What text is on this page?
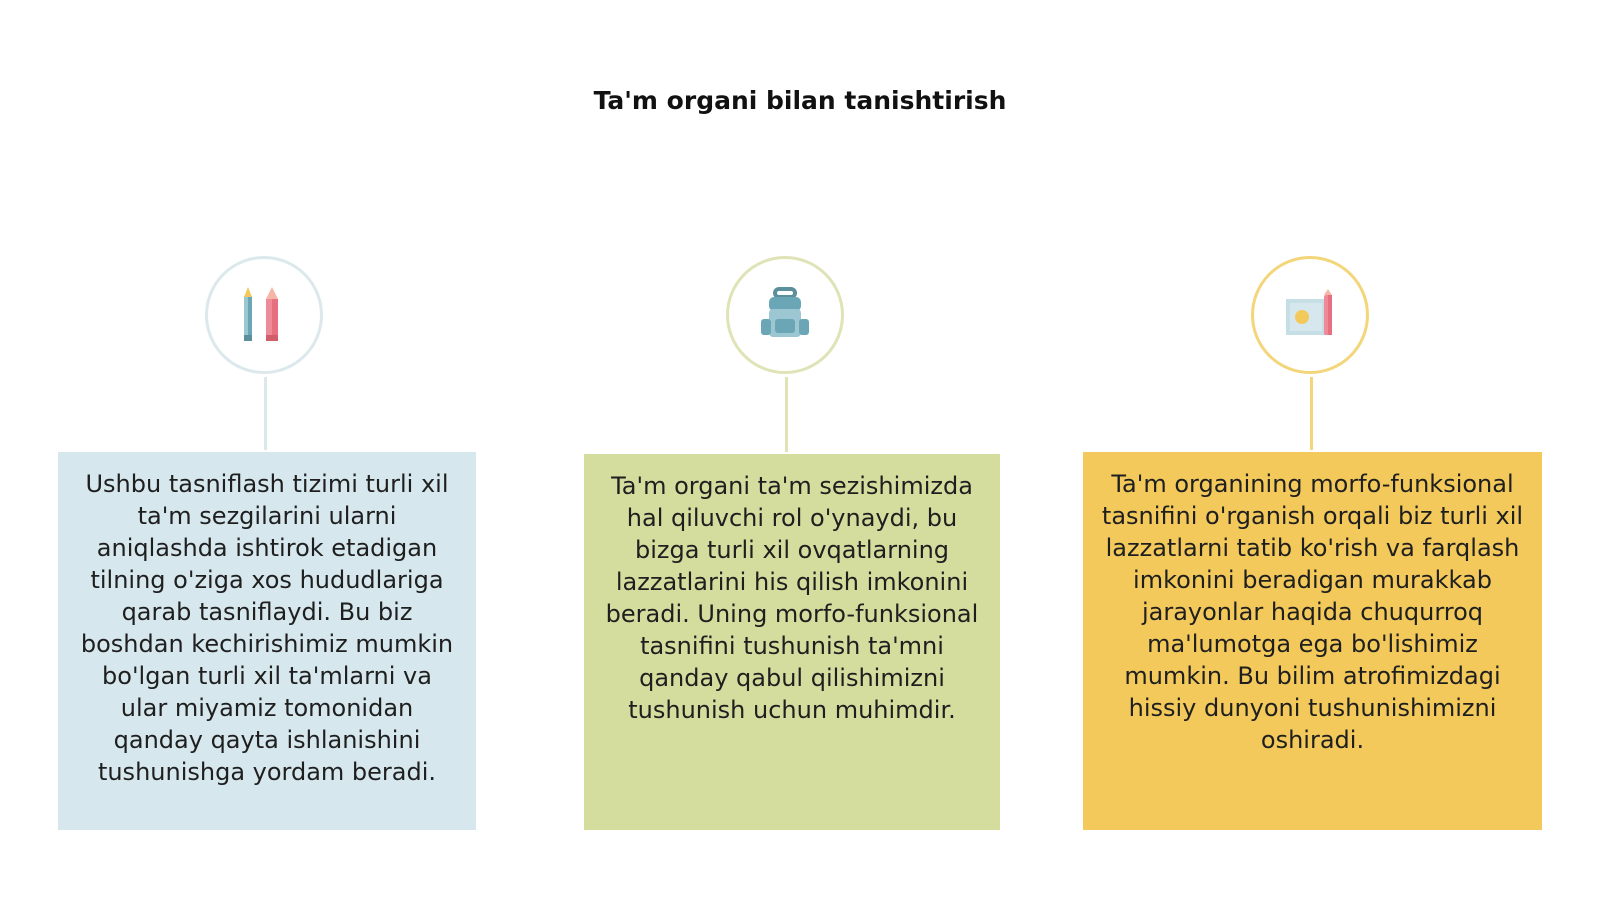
Ta'm organi bilan tanishtirish
Ushbu tasniflash tizimi turli xil ta'm sezgilarini ularni aniqlashda ishtirok etadigan tilning o'ziga xos hududlariga qarab tasniflaydi. Bu biz boshdan kechirishimiz mumkin bo'lgan turli xil ta'mlarni va ular miyamiz tomonidan qanday qayta ishlanishini tushunishga yordam beradi.
Ta'm organi ta'm sezishimizda hal qiluvchi rol o'ynaydi, bu bizga turli xil ovqatlarning lazzatlarini his qilish imkonini beradi. Uning morfo-funksional tasnifini tushunish ta'mni qanday qabul qilishimizni tushunish uchun muhimdir.
Ta'm organining morfo-funksional tasnifini o'rganish orqali biz turli xil lazzatlarni tatib ko'rish va farqlash imkonini beradigan murakkab jarayonlar haqida chuqurroq ma'lumotga ega bo'lishimiz mumkin. Bu bilim atrofimizdagi hissiy dunyoni tushunishimizni oshiradi.
